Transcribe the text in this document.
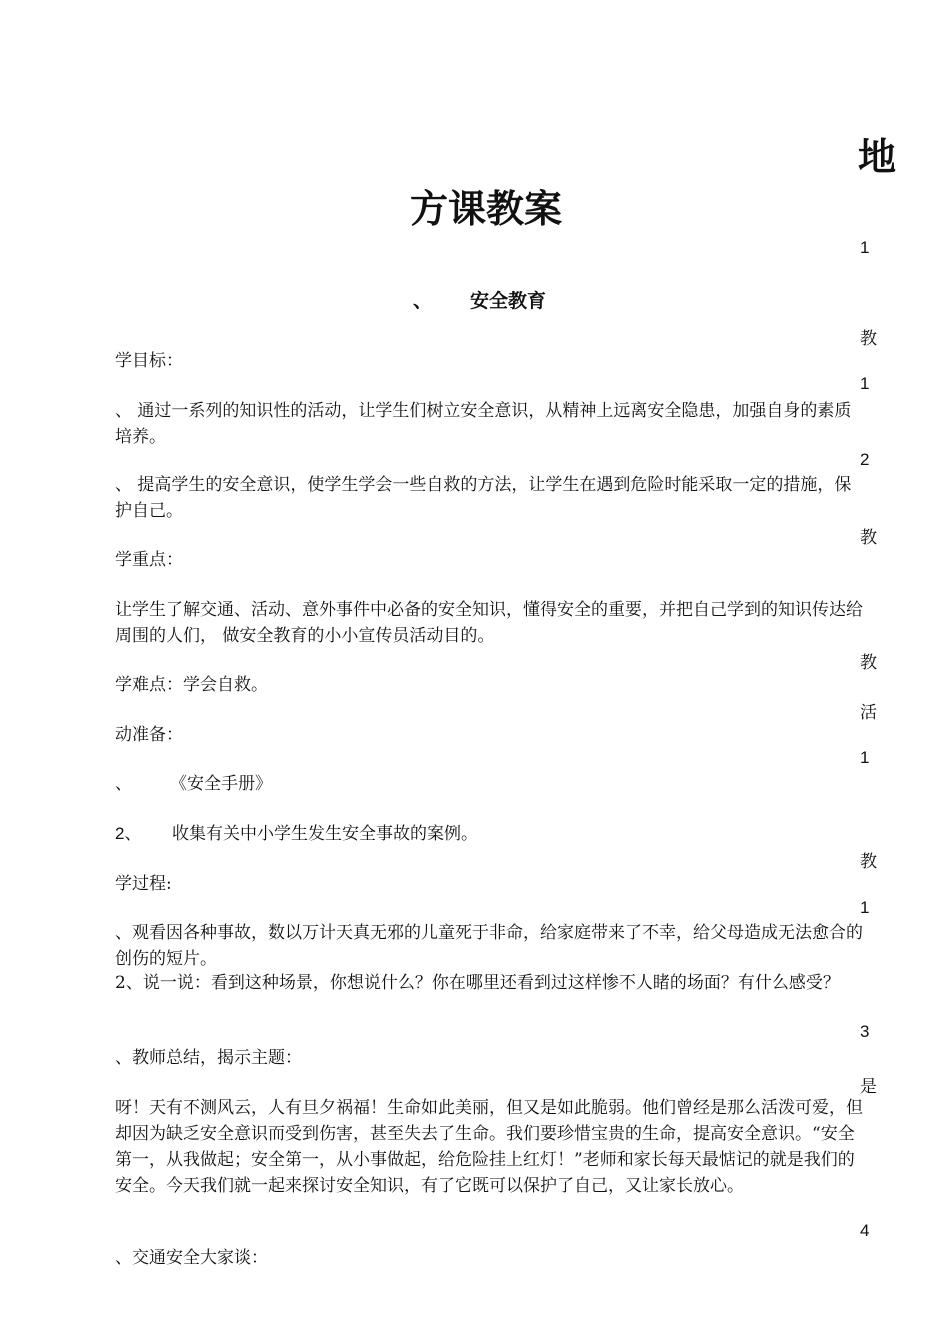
地
方课教案
1
、 安全教育
教
1
2
教
教
活
1
教
1
3
是
4
学目标：
、 通过一系列的知识性的活动，让学生们树立安全意识，从精神上远离安全隐患，加强自身的素质培养。
、 提高学生的安全意识，使学生学会一些自救的方法，让学生在遇到危险时能采取一定的措施，保护自己。
学重点：
让学生了解交通、活动、意外事件中必备的安全知识，懂得安全的重要，并把自己学到的知识传达给周围的人们， 做安全教育的小小宣传员活动目的。
学难点：学会自救。
动准备：
、 《安全手册》
2、 收集有关中小学生发生安全事故的案例。
学过程:
、观看因各种事故，数以万计天真无邪的儿童死于非命，给家庭带来了不幸，给父母造成无法愈合的创伤的短片。
2、说一说：看到这种场景，你想说什么？你在哪里还看到过这样惨不人睹的场面？有什么感受？
、教师总结，揭示主题：
呀！天有不测风云，人有旦夕祸福！生命如此美丽，但又是如此脆弱。他们曾经是那么活泼可爱，但却因为缺乏安全意识而受到伤害，甚至失去了生命。我们要珍惜宝贵的生命，提高安全意识。“安全第一，从我做起；安全第一，从小事做起，给危险挂上红灯！”老师和家长每天最惦记的就是我们的安全。今天我们就一起来探讨安全知识，有了它既可以保护了自己，又让家长放心。
、交通安全大家谈：
